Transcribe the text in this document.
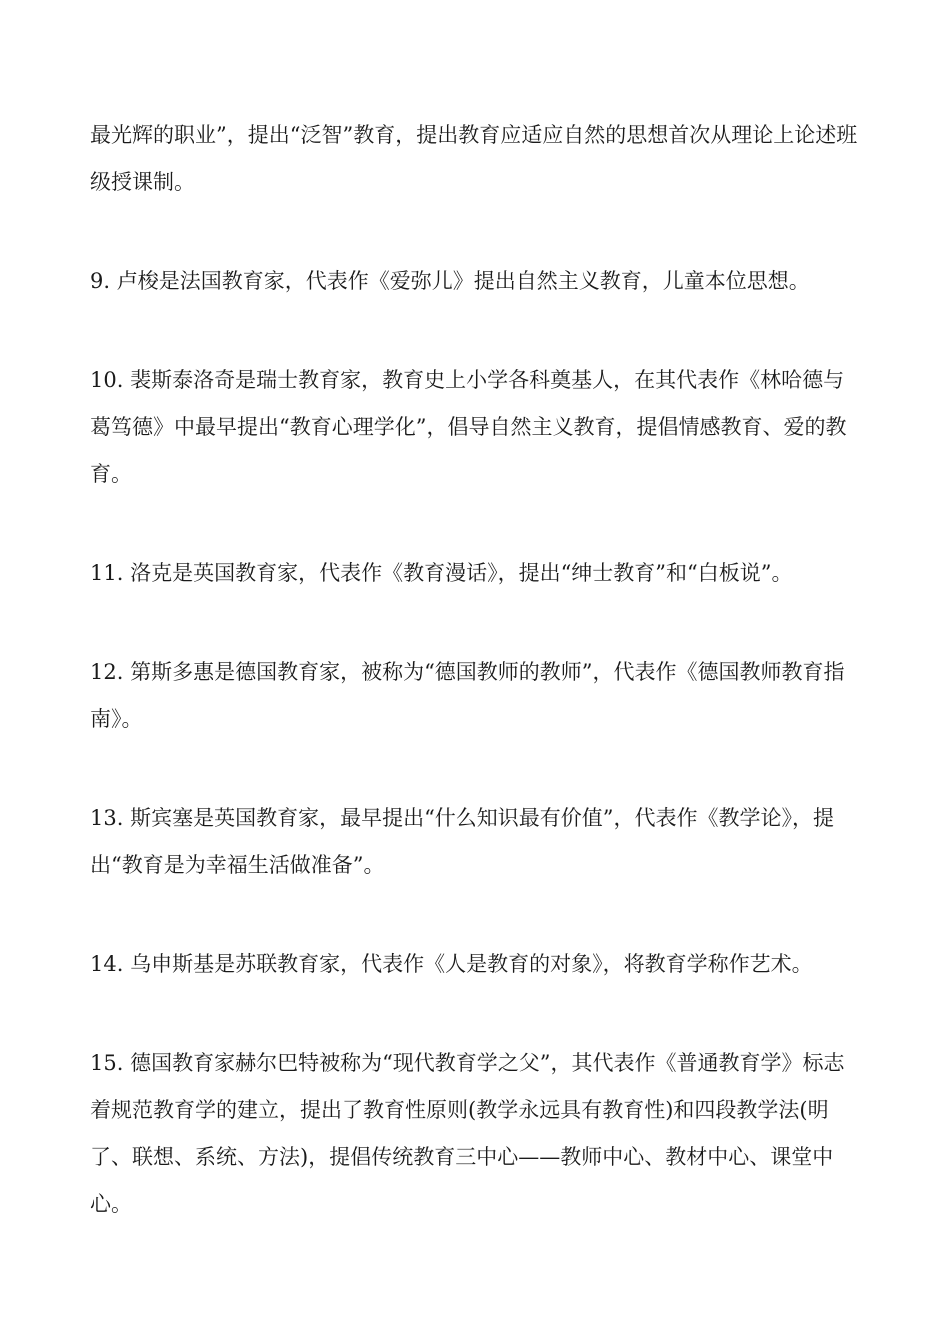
最光辉的职业”，提出“泛智”教育，提出教育应适应自然的思想首次从理论上论述班级授课制。

9. 卢梭是法国教育家，代表作《爱弥儿》提出自然主义教育，儿童本位思想。

10. 裴斯泰洛奇是瑞士教育家，教育史上小学各科奠基人，在其代表作《林哈德与葛笃德》中最早提出“教育心理学化”，倡导自然主义教育，提倡情感教育、爱的教育。

11. 洛克是英国教育家，代表作《教育漫话》，提出“绅士教育”和“白板说”。

12. 第斯多惠是德国教育家，被称为“德国教师的教师”，代表作《德国教师教育指南》。

13. 斯宾塞是英国教育家，最早提出“什么知识最有价值”，代表作《教学论》，提出“教育是为幸福生活做准备”。

14. 乌申斯基是苏联教育家，代表作《人是教育的对象》，将教育学称作艺术。

15. 德国教育家赫尔巴特被称为“现代教育学之父”，其代表作《普通教育学》标志着规范教育学的建立，提出了教育性原则(教学永远具有教育性)和四段教学法(明了、联想、系统、方法)，提倡传统教育三中心——教师中心、教材中心、课堂中心。
